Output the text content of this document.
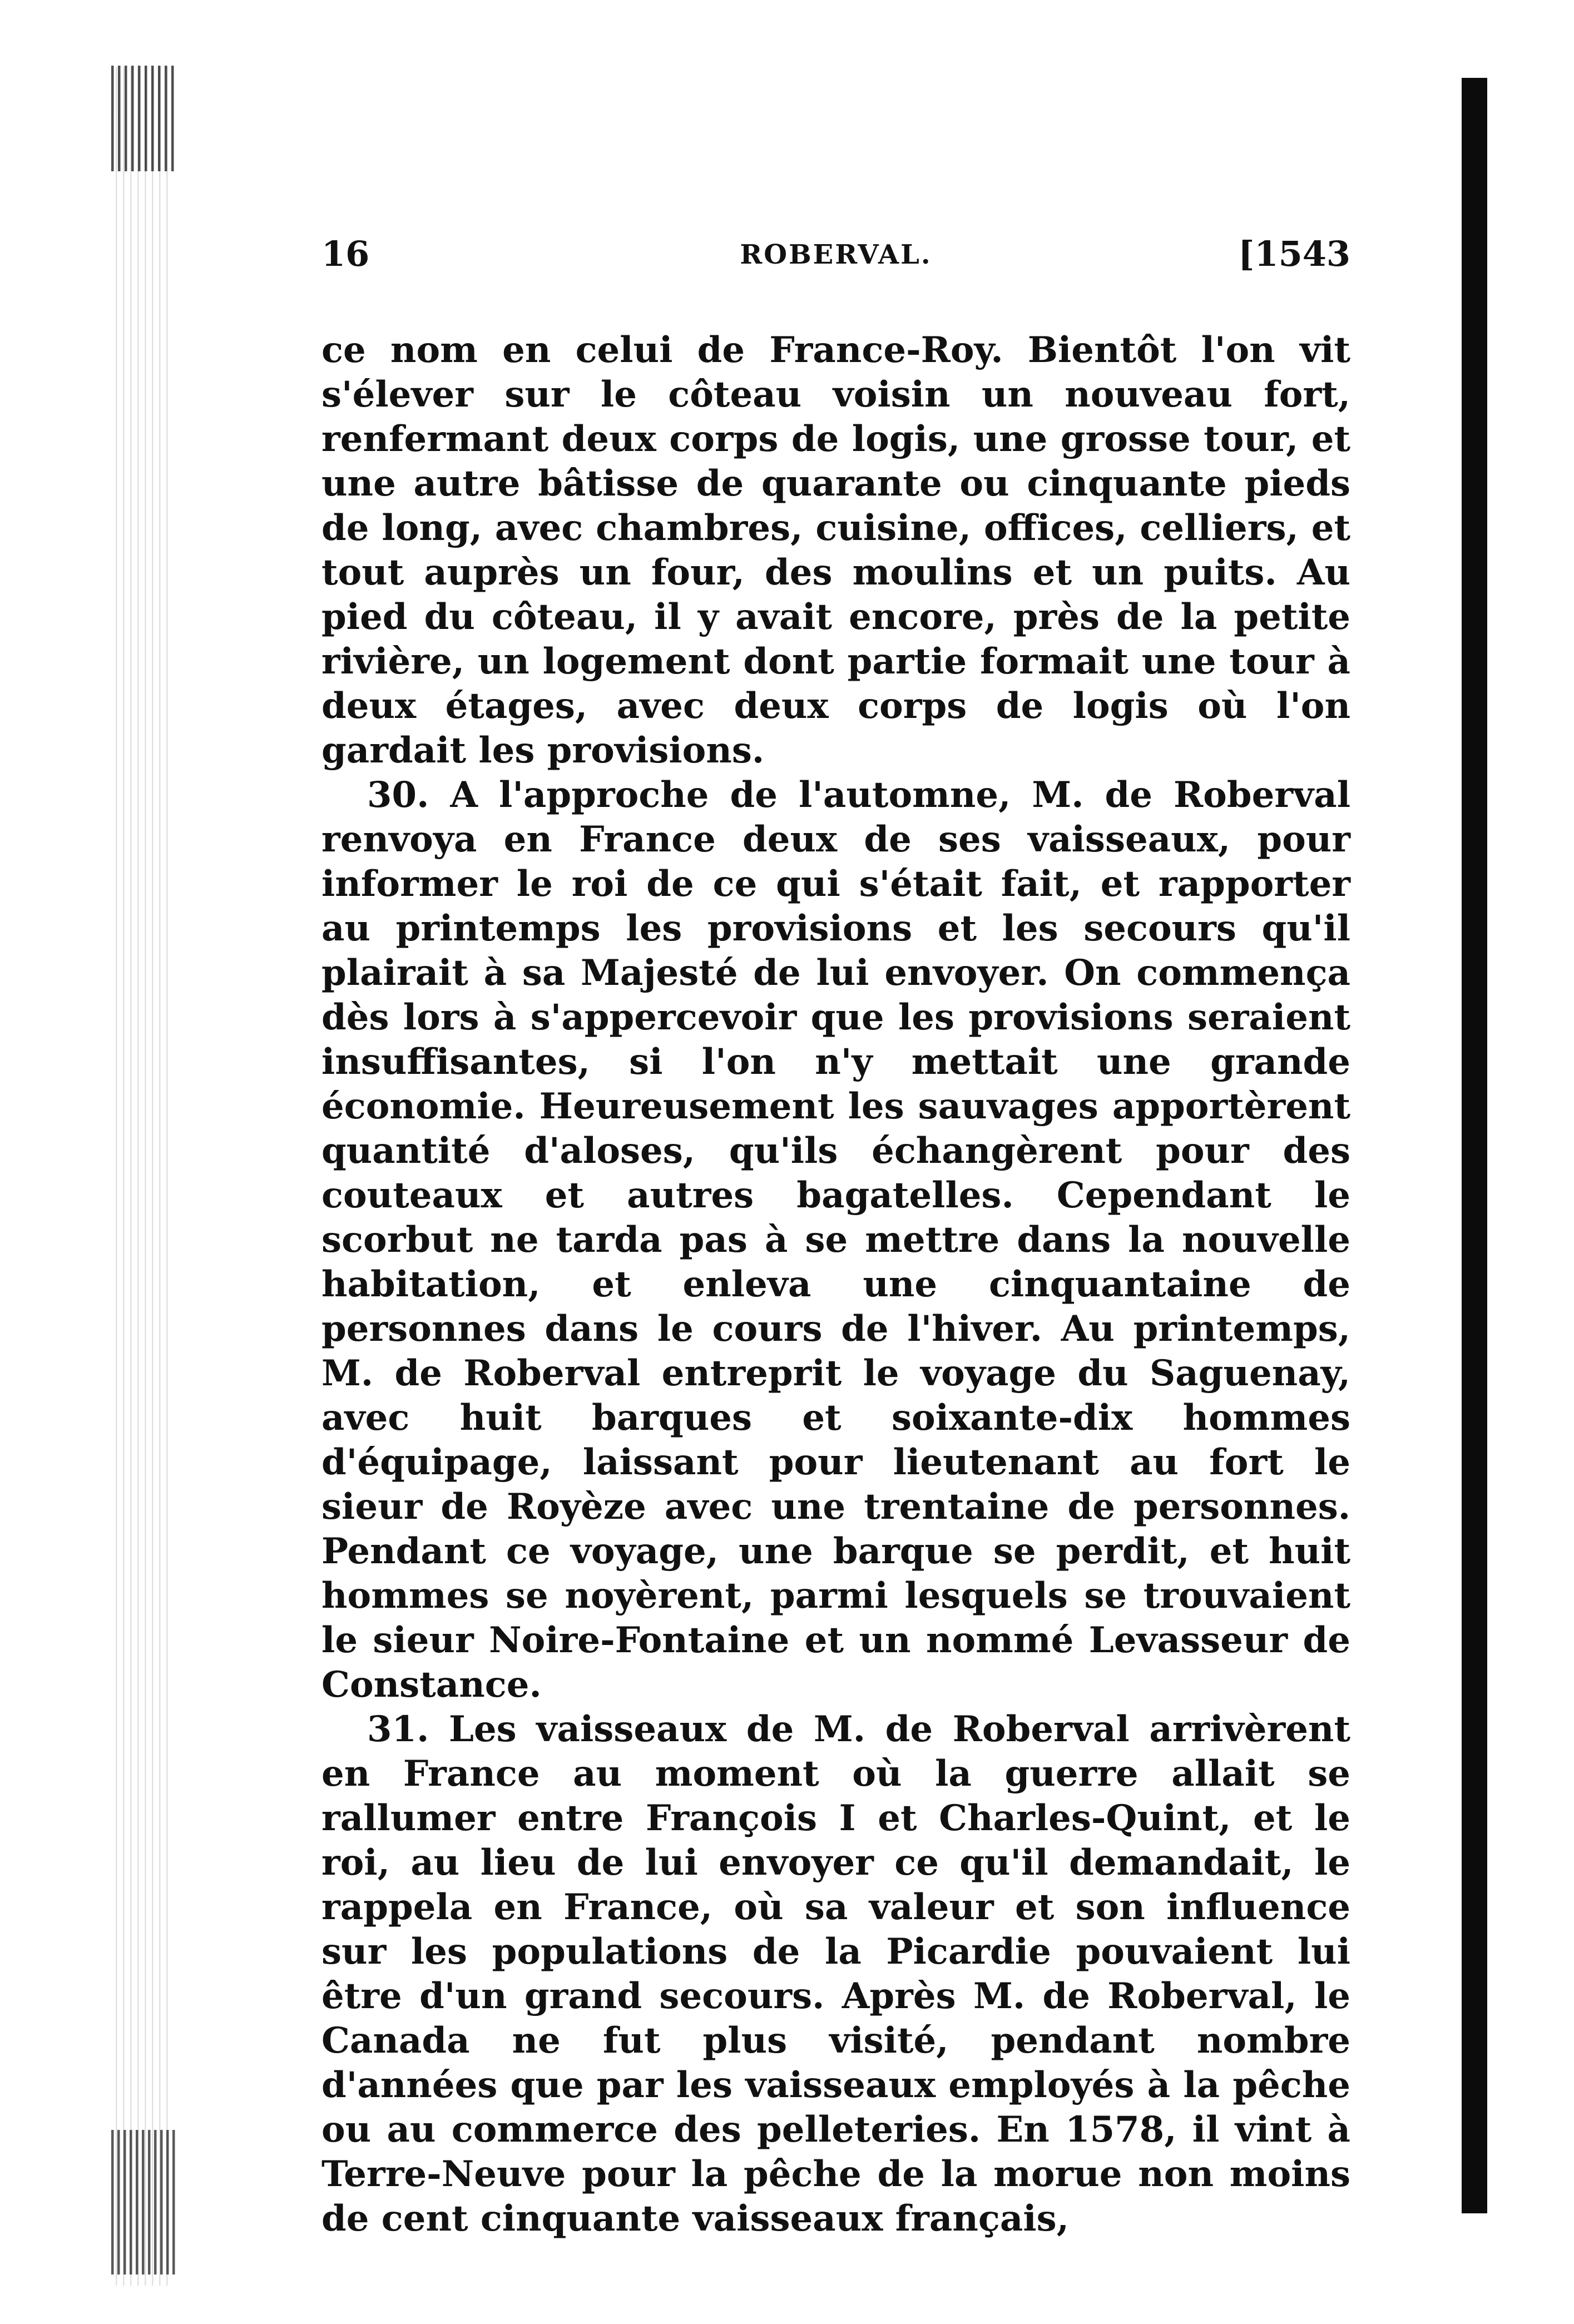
16	ROBERVAL.	[1543

ce nom en celui de France-Roy. Bientôt l'on vit s'élever sur le côteau voisin un nouveau fort, renfermant deux corps de logis, une grosse tour, et une autre bâtisse de quarante ou cinquante pieds de long, avec chambres, cuisine, offices, celliers, et tout auprès un four, des moulins et un puits. Au pied du côteau, il y avait encore, près de la petite rivière, un logement dont partie formait une tour à deux étages, avec deux corps de logis où l'on gardait les provisions.

30. A l'approche de l'automne, M. de Roberval renvoya en France deux de ses vaisseaux, pour informer le roi de ce qui s'était fait, et rapporter au printemps les provisions et les secours qu'il plairait à sa Majesté de lui envoyer. On commença dès lors à s'appercevoir que les provisions seraient insuffisantes, si l'on n'y mettait une grande économie. Heureusement les sauvages apportèrent quantité d'aloses, qu'ils échangèrent pour des couteaux et autres bagatelles. Cependant le scorbut ne tarda pas à se mettre dans la nouvelle habitation, et enleva une cinquantaine de personnes dans le cours de l'hiver. Au printemps, M. de Roberval entreprit le voyage du Saguenay, avec huit barques et soixante-dix hommes d'équipage, laissant pour lieutenant au fort le sieur de Royèze avec une trentaine de personnes. Pendant ce voyage, une barque se perdit, et huit hommes se noyèrent, parmi lesquels se trouvaient le sieur Noire-Fontaine et un nommé Levasseur de Constance.

31. Les vaisseaux de M. de Roberval arrivèrent en France au moment où la guerre allait se rallumer entre François I et Charles-Quint, et le roi, au lieu de lui envoyer ce qu'il demandait, le rappela en France, où sa valeur et son influence sur les populations de la Picardie pouvaient lui être d'un grand secours. Après M. de Roberval, le Canada ne fut plus visité, pendant nombre d'années que par les vaisseaux employés à la pêche ou au commerce des pelleteries. En 1578, il vint à Terre-Neuve pour la pêche de la morue non moins de cent cinquante vaisseaux français,
